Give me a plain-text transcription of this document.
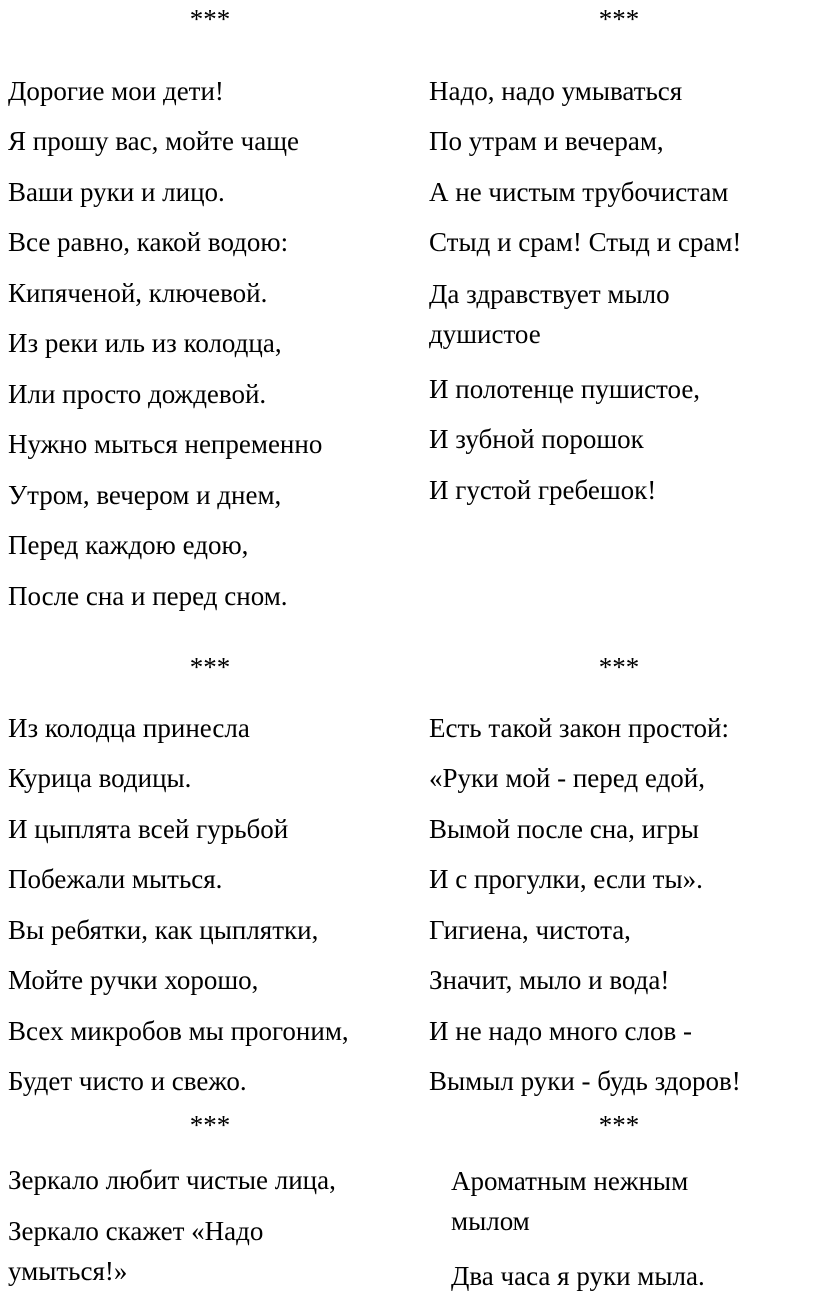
***
Дорогие мои дети!
Я прошу вас, мойте чаще
Ваши руки и лицо.
Все равно, какой водою:
Кипяченой, ключевой.
Из реки иль из колодца,
Или просто дождевой.
Нужно мыться непременно
Утром, вечером и днем,
Перед каждою едою,
После сна и перед сном.
***
Надо, надо умываться
По утрам и вечерам,
А не чистым трубочистам
Стыд и срам! Стыд и срам!
Да здравствует мыло душистое
И полотенце пушистое,
И зубной порошок
И густой гребешок!
***
Из колодца принесла
Курица водицы.
И цыплята всей гурьбой
Побежали мыться.
Вы ребятки, как цыплятки,
Мойте ручки хорошо,
Всех микробов мы прогоним,
Будет чисто и свежо.
***
Есть такой закон простой:
«Руки мой - перед едой,
Вымой после сна, игры
И с прогулки, если ты».
Гигиена, чистота,
Значит, мыло и вода!
И не надо много слов -
Вымыл руки - будь здоров!
***
Зеркало любит чистые лица,
Зеркало скажет «Надо умыться!»
***
Ароматным нежным мылом
Два часа я руки мыла.
